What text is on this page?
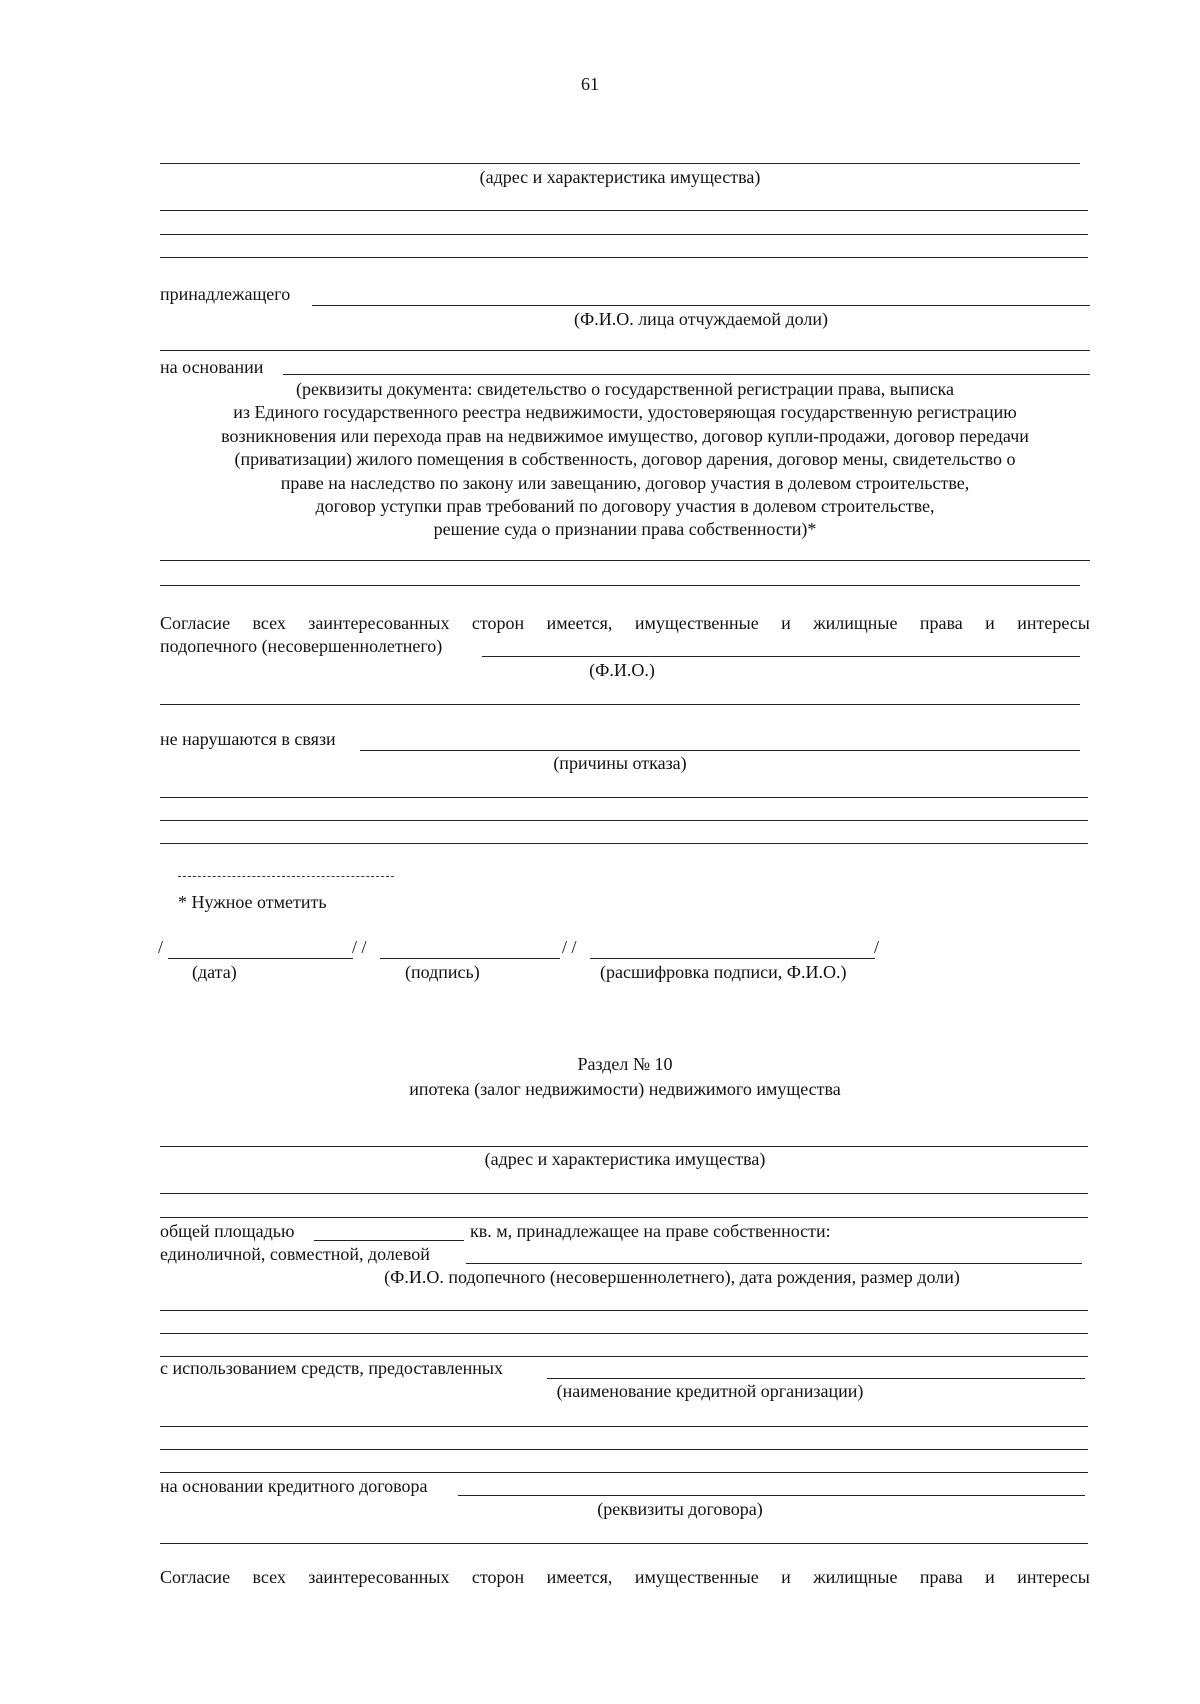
61
(адрес и характеристика имущества)
принадлежащего
(Ф.И.О. лица отчуждаемой доли)
на основании
(реквизиты документа: свидетельство о государственной регистрации права, выписка
из Единого государственного реестра недвижимости, удостоверяющая государственную регистрацию
возникновения или перехода прав на недвижимое имущество, договор купли-продажи, договор передачи
(приватизации) жилого помещения в собственность, договор дарения, договор мены, свидетельство о
праве на наследство по закону или завещанию, договор участия в долевом строительстве,
договор уступки прав требований по договору участия в долевом строительстве,
решение суда о признании права собственности)*
Согласие всех заинтересованных сторон имеется, имущественные и жилищные права и интересы
подопечного (несовершеннолетнего)
(Ф.И.О.)
не нарушаются в связи
(причины отказа)
* Нужное отметить
/	/ /	/ /	/
(дата)	(подпись)	(расшифровка подписи, Ф.И.О.)
Раздел № 10
ипотека (залог недвижимости) недвижимого имущества
(адрес и характеристика имущества)
общей площадью	кв. м, принадлежащее на праве собственности:
единоличной, совместной, долевой
(Ф.И.О. подопечного (несовершеннолетнего), дата рождения, размер доли)
с использованием средств, предоставленных
(наименование кредитной организации)
на основании кредитного договора
(реквизиты договора)
Согласие всех заинтересованных сторон имеется, имущественные и жилищные права и интересы
